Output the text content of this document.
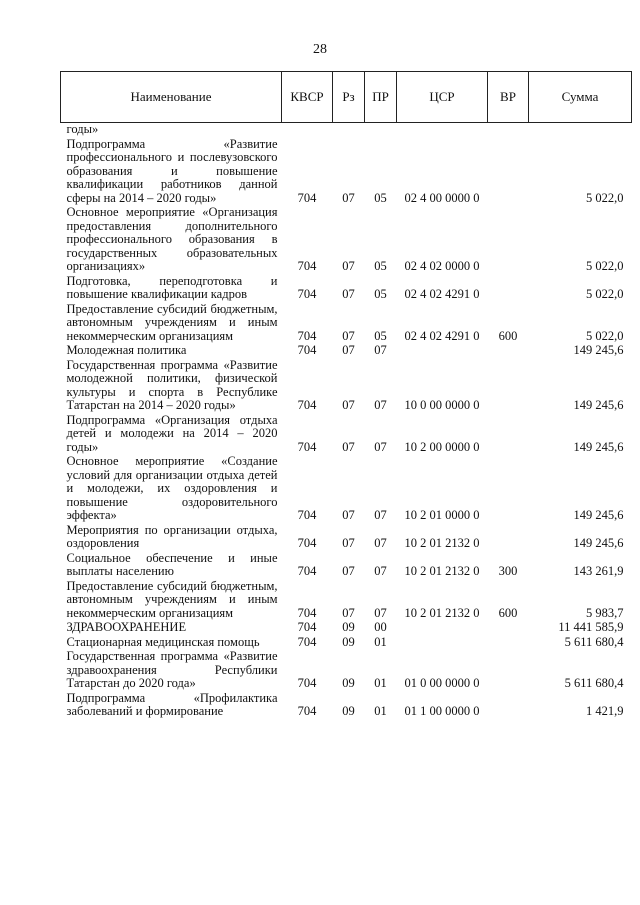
28
Наименование	КВСР	Рз	ПР	ЦСР	ВР	Сумма
годы»						
Подпрограмма «Развитие профессионального и послевузовского образования и повышение квалификации работников данной сферы на 2014 – 2020 годы»	704	07	05	02 4 00 0000 0		5 022,0
Основное мероприятие «Организация предоставления дополнительного профессионального образования в государственных образовательных организациях»	704	07	05	02 4 02 0000 0		5 022,0
Подготовка, переподготовка и повышение квалификации кадров	704	07	05	02 4 02 4291 0		5 022,0
Предоставление субсидий бюджетным, автономным учреждениям и иным некоммерческим организациям	704	07	05	02 4 02 4291 0	600	5 022,0
Молодежная политика	704	07	07			149 245,6
Государственная программа «Развитие молодежной политики, физической культуры и спорта в Республике Татарстан на 2014 – 2020 годы»	704	07	07	10 0 00 0000 0		149 245,6
Подпрограмма «Организация отдыха детей и молодежи на 2014 – 2020 годы»	704	07	07	10 2 00 0000 0		149 245,6
Основное мероприятие «Создание условий для организации отдыха детей и молодежи, их оздоровления и повышение оздоровительного эффекта»	704	07	07	10 2 01 0000 0		149 245,6
Мероприятия по организации отдыха, оздоровления	704	07	07	10 2 01 2132 0		149 245,6
Социальное обеспечение и иные выплаты населению	704	07	07	10 2 01 2132 0	300	143 261,9
Предоставление субсидий бюджетным, автономным учреждениям и иным некоммерческим организациям	704	07	07	10 2 01 2132 0	600	5 983,7
ЗДРАВООХРАНЕНИЕ	704	09	00			11 441 585,9
Стационарная медицинская помощь	704	09	01			5 611 680,4
Государственная программа «Развитие здравоохранения Республики Татарстан до 2020 года»	704	09	01	01 0 00 0000 0		5 611 680,4
Подпрограмма «Профилактика заболеваний и формирование	704	09	01	01 1 00 0000 0		1 421,9
